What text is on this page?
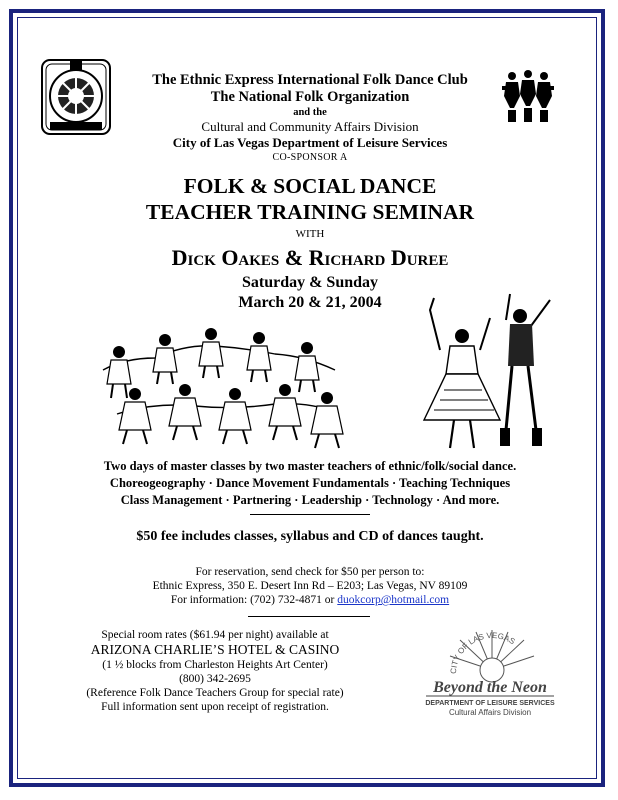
The Ethnic Express International Folk Dance Club
The National Folk Organization
and the
Cultural and Community Affairs Division
City of Las Vegas Department of Leisure Services
CO-SPONSOR A
FOLK & SOCIAL DANCE
TEACHER TRAINING SEMINAR
WITH
Dick Oakes & Richard Duree
Saturday & Sunday
March 20 & 21, 2004
Two days of master classes by two master teachers of ethnic/folk/social dance.
Choreogeography · Dance Movement Fundamentals · Teaching Techniques
Class Management · Partnering · Leadership · Technology · And more.
$50 fee includes classes, syllabus and CD of dances taught.
For reservation, send check for $50 per person to:
Ethnic Express, 350 E. Desert Inn Rd – E203; Las Vegas, NV 89109
For information: (702) 732-4871 or duokcorp@hotmail.com
Special room rates ($61.94 per night) available at
ARIZONA CHARLIE’S HOTEL & CASINO
(1 ½ blocks from Charleston Heights Art Center)
(800) 342-2695
(Reference Folk Dance Teachers Group for special rate)
Full information sent upon receipt of registration.
CITY OF LAS VEGAS
Beyond the Neon
DEPARTMENT OF LEISURE SERVICES
Cultural Affairs Division
